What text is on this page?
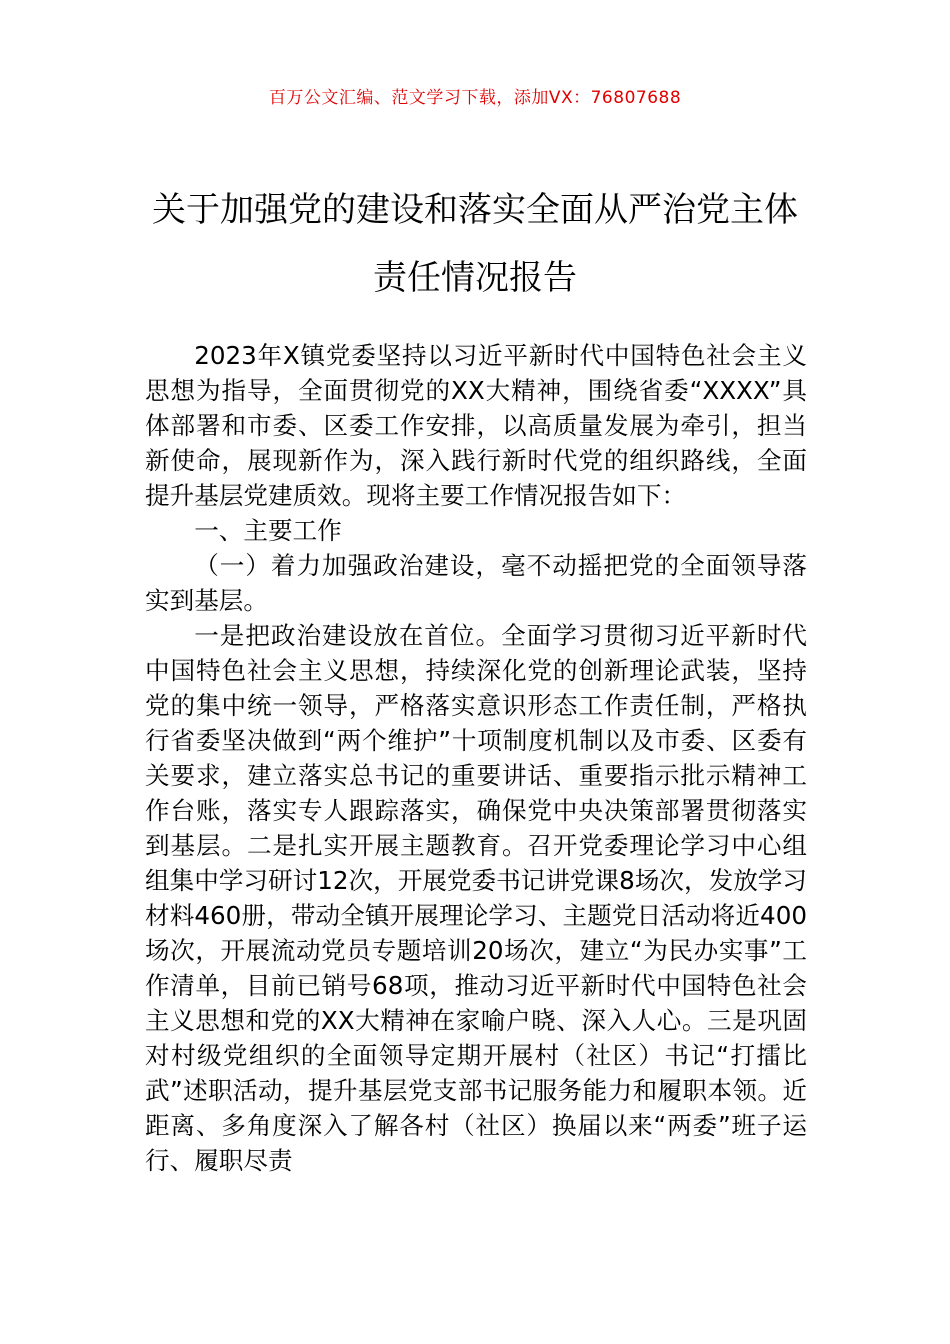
百万公文汇编、范文学习下载，添加VX：76807688
关于加强党的建设和落实全面从严治党主体责任情况报告

2023年X镇党委坚持以习近平新时代中国特色社会主义思想为指导，全面贯彻党的XX大精神，围绕省委“XXXX”具体部署和市委、区委工作安排，以高质量发展为牵引，担当新使命，展现新作为，深入践行新时代党的组织路线，全面提升基层党建质效。现将主要工作情况报告如下：

一、主要工作

（一）着力加强政治建设，毫不动摇把党的全面领导落实到基层。

一是把政治建设放在首位。全面学习贯彻习近平新时代中国特色社会主义思想，持续深化党的创新理论武装，坚持党的集中统一领导，严格落实意识形态工作责任制，严格执行省委坚决做到“两个维护”十项制度机制以及市委、区委有关要求，建立落实总书记的重要讲话、重要指示批示精神工作台账，落实专人跟踪落实，确保党中央决策部署贯彻落实到基层。二是扎实开展主题教育。召开党委理论学习中心组组集中学习研讨12次，开展党委书记讲党课8场次，发放学习材料460册，带动全镇开展理论学习、主题党日活动将近400场次，开展流动党员专题培训20场次，建立“为民办实事”工作清单，目前已销号68项，推动习近平新时代中国特色社会主义思想和党的XX大精神在家喻户晓、深入人心。三是巩固对村级党组织的全面领导定期开展村（社区）书记“打擂比武”述职活动，提升基层党支部书记服务能力和履职本领。近距离、多角度深入了解各村（社区）换届以来“两委”班子运行、履职尽责
